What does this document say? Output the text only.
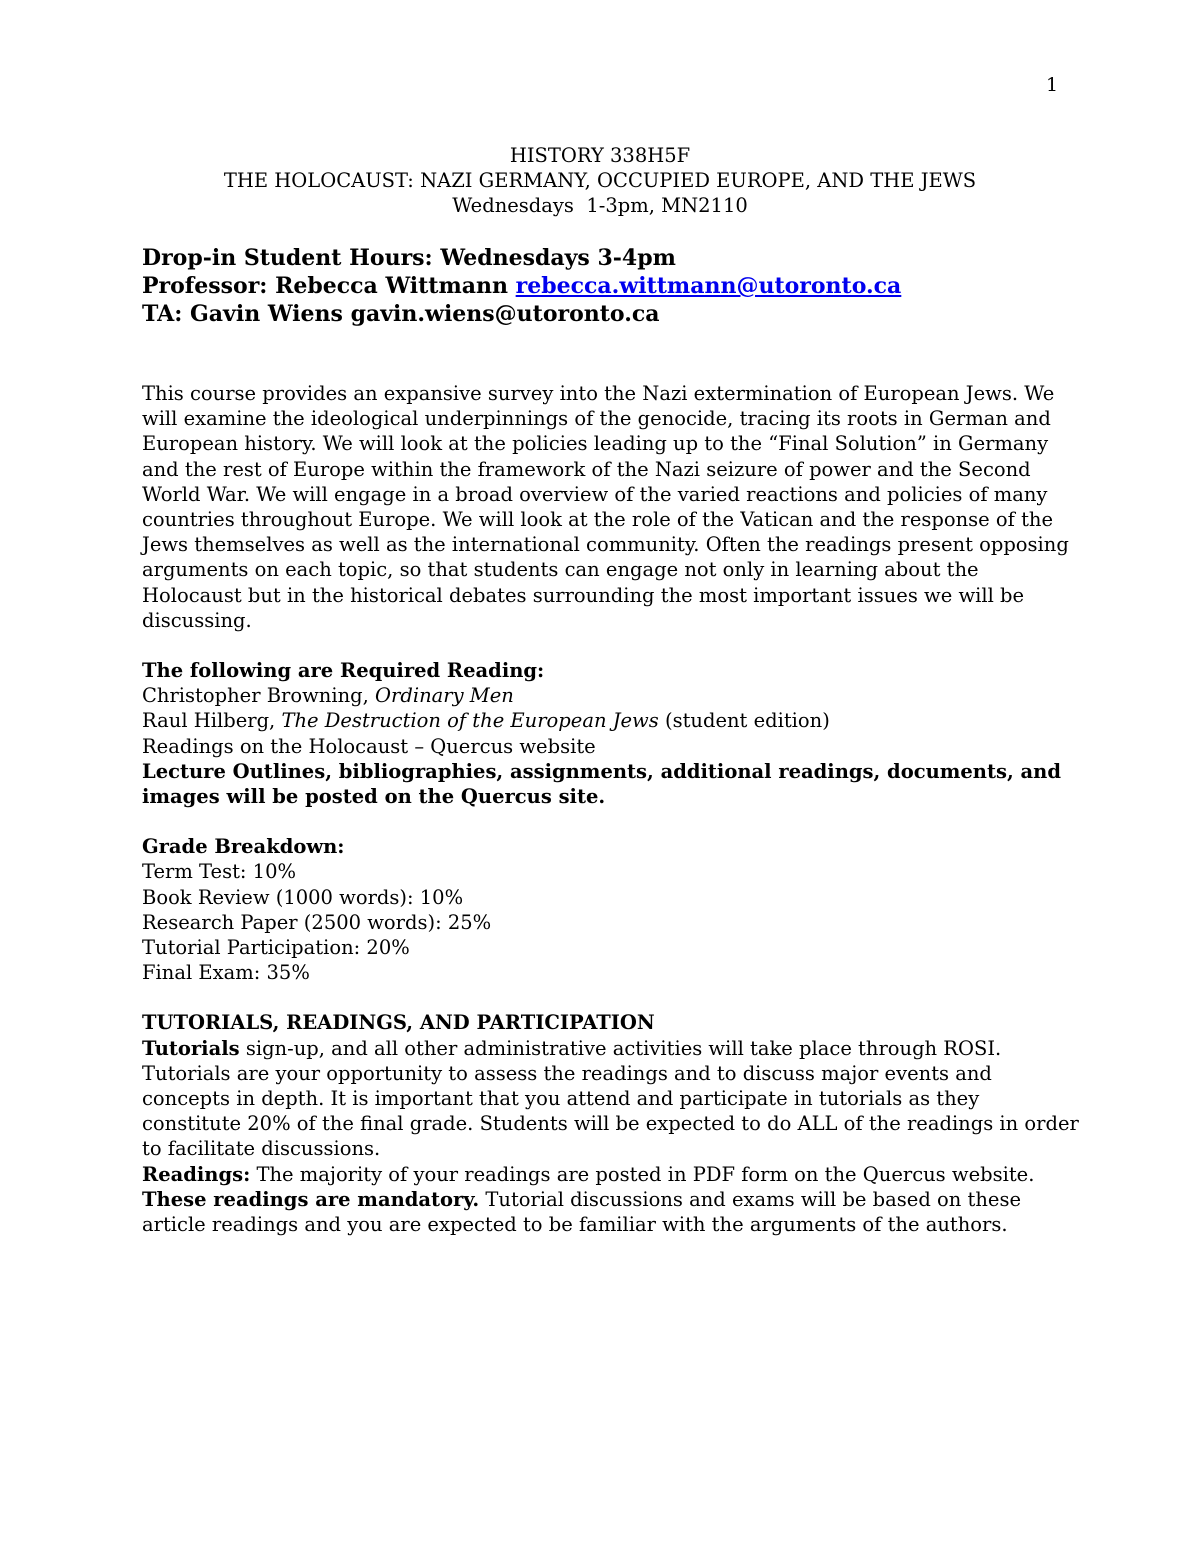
1
HISTORY 338H5F
THE HOLOCAUST: NAZI GERMANY, OCCUPIED EUROPE, AND THE JEWS
Wednesdays  1-3pm, MN2110
Drop-in Student Hours: Wednesdays 3-4pm
Professor: Rebecca Wittmann rebecca.wittmann@utoronto.ca
TA: Gavin Wiens gavin.wiens@utoronto.ca

This course provides an expansive survey into the Nazi extermination of European Jews. We will examine the ideological underpinnings of the genocide, tracing its roots in German and European history. We will look at the policies leading up to the “Final Solution” in Germany and the rest of Europe within the framework of the Nazi seizure of power and the Second World War. We will engage in a broad overview of the varied reactions and policies of many countries throughout Europe. We will look at the role of the Vatican and the response of the Jews themselves as well as the international community. Often the readings present opposing arguments on each topic, so that students can engage not only in learning about the Holocaust but in the historical debates surrounding the most important issues we will be discussing.

The following are Required Reading:

Christopher Browning, Ordinary Men

Raul Hilberg, The Destruction of the European Jews (student edition)

Readings on the Holocaust – Quercus website

Lecture Outlines, bibliographies, assignments, additional readings, documents, and images will be posted on the Quercus site.

Grade Breakdown:

Term Test: 10%

Book Review (1000 words): 10%

Research Paper (2500 words): 25%

Tutorial Participation: 20%

Final Exam: 35%

TUTORIALS, READINGS, AND PARTICIPATION

Tutorials sign-up, and all other administrative activities will take place through ROSI.

Tutorials are your opportunity to assess the readings and to discuss major events and concepts in depth. It is important that you attend and participate in tutorials as they constitute 20% of the final grade. Students will be expected to do ALL of the readings in order to facilitate discussions.

Readings: The majority of your readings are posted in PDF form on the Quercus website. These readings are mandatory. Tutorial discussions and exams will be based on these article readings and you are expected to be familiar with the arguments of the authors.
